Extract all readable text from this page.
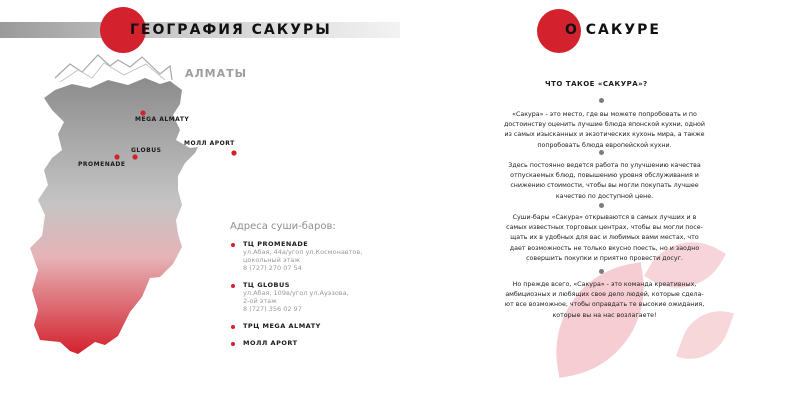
ГЕОГРАФИЯ САКУРЫ
АЛМАТЫ
MEGA ALMATY
МОЛЛ APORT
GLOBUS
PROMENADE
Адреса суши-баров:
ТЦ PROMENADE
ул.Абая, 44а/угол ул.Космонавтов,
цокольный этаж
8 (727) 270 07 54
ТЦ GLOBUS
ул.Абая, 109в/угол ул.Ауэзова,
2-ой этаж
8 (727) 356 02 97
ТРЦ MEGA ALMATY
МОЛЛ APORT
О САКУРЕ
ЧТО ТАКОЕ «САКУРА»?
«Сакура» - это место, где вы можете попробовать и по
достоинству оценить лучшие блюда японской кухни, одной
из самых изысканных и экзотических кухонь мира, а также
попробовать блюда европейской кухни.
Здесь постоянно ведется работа по улучшению качества
отпускаемых блюд, повышению уровня обслуживания и
снижению стоимости, чтобы вы могли покупать лучшее
качество по доступной цене.
Суши-бары «Сакура» открываются в самых лучших и в
самых известных торговых центрах, чтобы вы могли посе-
щать их в удобных для вас и любимых вами местах, что
дает возможность не только вкусно поесть, но и заодно
совершить покупки и приятно провести досуг.
Но прежде всего, «Сакура» - это команда креативных,
амбициозных и любящих свое дело людей, которые сдела-
ют все возможное, чтобы оправдать те высокие ожидания,
которые вы на нас возлагаете!
